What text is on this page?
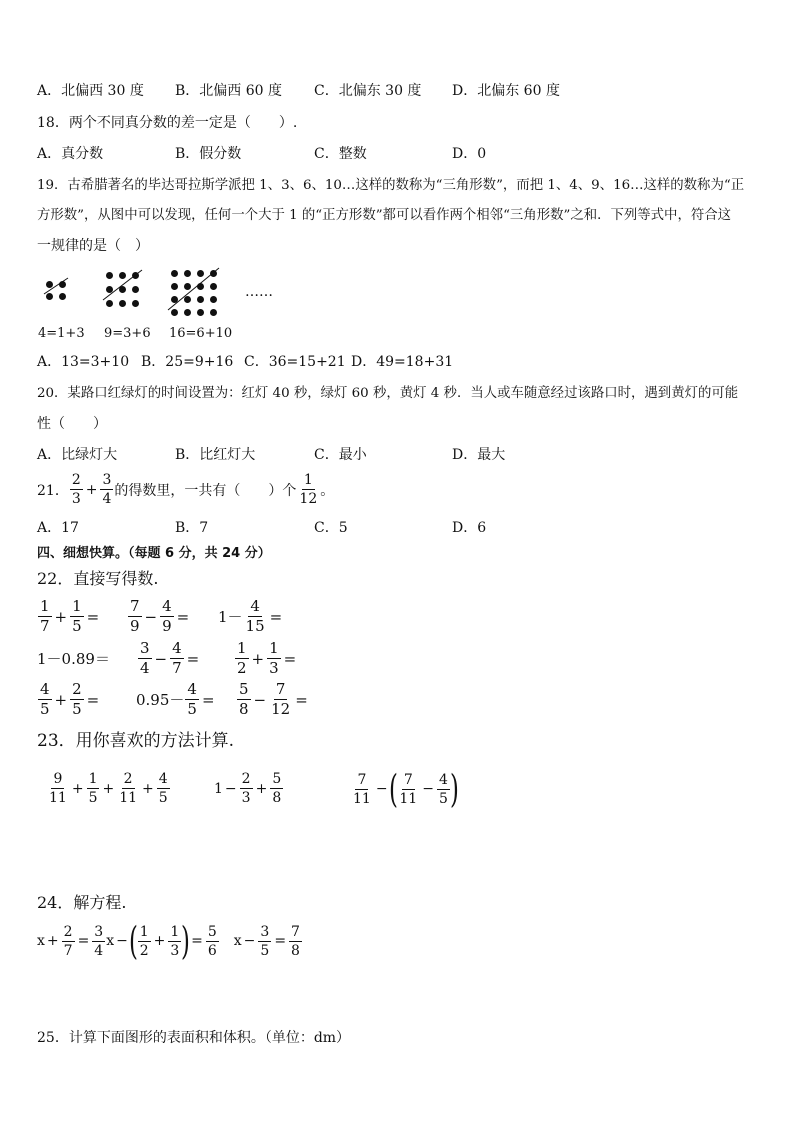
A．北偏西 30 度 B．北偏西 60 度 C．北偏东 30 度 D．北偏东 60 度
18．两个不同真分数的差一定是（　　）.
A．真分数	B．假分数	C．整数	D．0
19．古希腊著名的毕达哥拉斯学派把 1、3、6、10…这样的数称为“三角形数”，而把 1、4、9、16…这样的数称为“正
方形数”，从图中可以发现，任何一个大于 1 的“正方形数”都可以看作两个相邻“三角形数”之和．下列等式中，符合这
一规律的是（　）
……
4=1+3 9=3+6 16=6+10
A．13=3+10 B．25=9+16 C．36=15+21 D．49=18+31
20．某路口红绿灯的时间设置为：红灯 40 秒，绿灯 60 秒，黄灯 4 秒．当人或车随意经过该路口时，遇到黄灯的可能
性（　　）
A．比绿灯大	B．比红灯大	C．最小	D．最大
21． $\frac{2}{3} + \frac{3}{4}$ 的得数里，一共有（　　）个 $\frac{1}{12}$ 。
A．17	B．7	C．5	D．6
四、细想快算。（每题 6 分，共 24 分）
22．直接写得数.
$\frac{1}{7} + \frac{1}{5} = \frac{7}{9} - \frac{4}{9} = 1- \frac{4}{15}$ =
$1-0.89= \frac{3}{4} - \frac{4}{7} = \frac{1}{2} + \frac{1}{3}$ =
$\frac{4}{5} + \frac{2}{5} = 0.95- \frac{4}{5} = \frac{5}{8} - \frac{7}{12}$ =
23．用你喜欢的方法计算.
$\frac{9}{11} + \frac{1}{5} + \frac{2}{11} + \frac{4}{5}$	$1 - \frac{2}{3} + \frac{5}{8}$	$\frac{7}{11}$ − ( $\frac{7}{11} - \frac{4}{5}$ )
24．解方程.
$x + \frac{2}{7} = \frac{3}{4}$ x − ( $\frac{1}{2} + \frac{1}{3}$ ) = $\frac{5}{6}$ $x - \frac{3}{5} = \frac{7}{8}$
25．计算下面图形的表面积和体积。（单位：dm）
